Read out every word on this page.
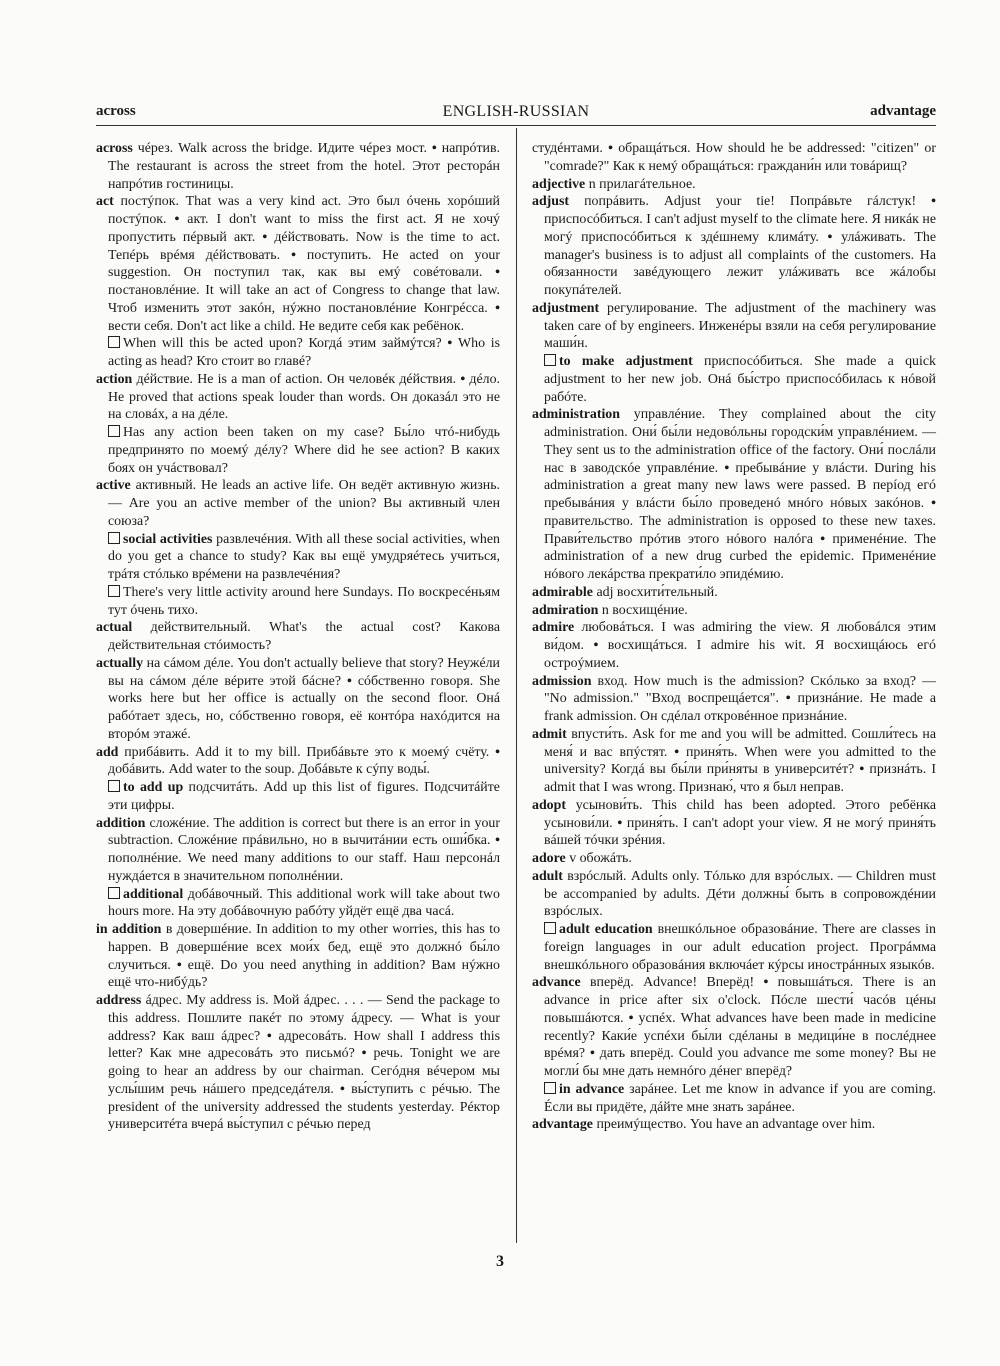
across	ENGLISH-RUSSIAN	advantage

across чéрез. Walk across the bridge. Идите чéрез мост. • напрóтив. The restaurant is across the street from the hotel. Этот ресторáн напрóтив гостиницы.

act постýпок. That was a very kind act. Это был óчень хорóший постýпок. • акт. I don't want to miss the first act. Я не хочý пропустить пéрвый акт. • дéйствовать. Now is the time to act. Тепéрь врéмя дéйствовать. • поступить. He acted on your suggestion. Он поступил так, как вы емý совéтовали. • постановлéние. It will take an act of Congress to change that law. Чтоб изменить этот закóн, нýжно постановлéние Конгрéсса. • вести себя. Don't act like a child. Не ведите себя как ребёнок.

When will this be acted upon? Когдá этим займýтся? • Who is acting as head? Кто стоит во главé?

action дéйствие. He is a man of action. Он человéк дéйствия. • дéло. He proved that actions speak louder than words. Он доказáл это не на словáх, а на дéле.

Has any action been taken on my case? Бы́ло чтó-нибудь предпринято по моемý дéлу? Where did he see action? В каких боях он учáствовал?

active активный. He leads an active life. Он ведёт активную жизнь. — Are you an active member of the union? Вы активный член союза?

social activities развлечéния. With all these social activities, when do you get a chance to study? Как вы ещё умудряéтесь учиться, трáтя стóлько врéмени на развлечéния?

There's very little activity around here Sundays. По воскресéньям тут óчень тихо.

actual действительный. What's the actual cost? Какова действительная стóимость?

actually на сáмом дéле. You don't actually believe that story? Неужéли вы на сáмом дéле вéрите этой бáсне? • сóбственно говоря. She works here but her office is actually on the second floor. Онá рабóтает здесь, но, сóбственно говоря, её контóра нахóдится на вторóм этажé.

add прибáвить. Add it to my bill. Прибáвьте это к моемý счёту. • добáвить. Add water to the soup. Добáвьте к сýпу воды́.

to add up подсчитáть. Add up this list of figures. Подсчитáйте эти цифры.

addition сложéние. The addition is correct but there is an error in your subtraction. Сложéние прáвильно, но в вычитáнии есть оши́бка. • пополнéние. We need many additions to our staff. Наш персонáл нуждáется в значительном пополнéнии.

additional добáвочный. This additional work will take about two hours more. На эту добáвочную рабóту уйдёт ещё два часá.

in addition в довершéние. In addition to my other worries, this has to happen. В довершéние всех мои́х бед, ещё это должнó бы́ло случиться. • ещё. Do you need anything in addition? Вам нýжно ещё что-нибýдь?

address áдрес. My address is. Мой áдрес. . . . — Send the package to this address. Пошлите пакéт по этому áдресу. — What is your address? Как ваш áдрес? • адресовáть. How shall I address this letter? Как мне адресовáть это письмó? • речь. Tonight we are going to hear an address by our chairman. Сегóдня вéчером мы услы́шим речь нáшего председáтеля. • вы́ступить с рéчью. The president of the university addressed the students yesterday. Рéктор университéта вчерá вы́ступил с рéчью перед

студéнтами. • обращáться. How should he be addressed: "citizen" or "comrade?" Как к немý обращáться: граждани́н или товáрищ?

adjective n прилагáтельное.

adjust попрáвить. Adjust your tie! Попрáвьте гáлстук! • приспосóбиться. I can't adjust myself to the climate here. Я никáк не могý приспосóбиться к здéшнему климáту. • улáживать. The manager's business is to adjust all complaints of the customers. На обязанности завéдующего лежит улáживать все жáлобы покупáтелей.

adjustment регулирование. The adjustment of the machinery was taken care of by engineers. Инженéры взяли на себя регулирование маши́н.

to make adjustment приспосóбиться. She made a quick adjustment to her new job. Онá бы́стро приспосóбилась к нóвой рабóте.

administration управлéние. They complained about the city administration. Они́ бы́ли недовóльны городски́м управлéнием. — They sent us to the administration office of the factory. Они́ послáли нас в заводскóе управлéние. • пребывáние у влáсти. During his administration a great many new laws were passed. В перíод егó пребывáния у влáсти бы́ло проведенó мнóго нóвых закóнов. • правительство. The administration is opposed to these new taxes. Прави́тельство прóтив этого нóвого налóга • применéние. The administration of a new drug curbed the epidemic. Применéние нóвого лекáрства прекрати́ло эпидéмию.

admirable adj восхити́тельный.

admiration n восхищéние.

admire любовáться. I was admiring the view. Я любовáлся этим ви́дом. • восхищáться. I admire his wit. Я восхищáюсь егó остроýмием.

admission вход. How much is the admission? Скóлько за вход? — "No admission." "Вход воспрещáется". • признáние. He made a frank admission. Он сдéлал откровéнное признáние.

admit впусти́ть. Ask for me and you will be admitted. Сошли́тесь на меня́ и вас впýстят. • приня́ть. When were you admitted to the university? Когдá вы бы́ли при́няты в университéт? • признáть. I admit that I was wrong. Признаю́, что я был неправ.

adopt усынови́ть. This child has been adopted. Этого ребёнка усынови́ли. • приня́ть. I can't adopt your view. Я не могý приня́ть вáшей тóчки зрéния.

adore v обожáть.

adult взрóслый. Adults only. Тóлько для взрóслых. — Children must be accompanied by adults. Дéти должны́ быть в сопровождéнии взрóслых.

adult education внешкóльное образовáние. There are classes in foreign languages in our adult education project. Прогрáмма внешкóльного образовáния включáет кýрсы инострáнных языкóв.

advance вперёд. Advance! Вперёд! • повышáться. There is an advance in price after six o'clock. Пóсле шести́ часóв цéны повышáются. • успéх. What advances have been made in medicine recently? Каки́е успéхи бы́ли сдéланы в медици́не в послéднее врéмя? • дать вперёд. Could you advance me some money? Вы не могли́ бы мне дать немнóго дéнег вперёд?

in advance зарáнее. Let me know in advance if you are coming. Éсли вы придёте, дáйте мне знать зарáнее.

advantage преимýщество. You have an advantage over him.

3
